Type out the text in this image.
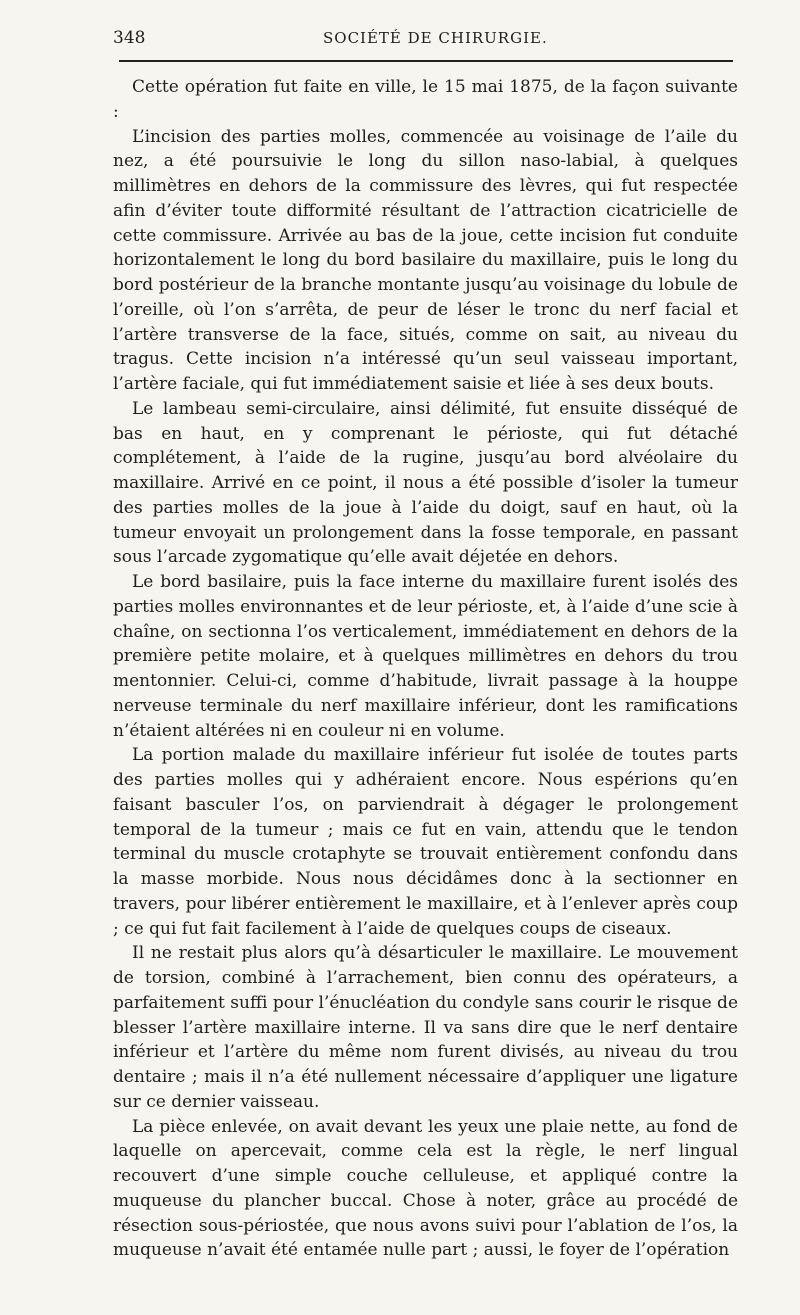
348	SOCIÉTÉ DE CHIRURGIE.

Cette opération fut faite en ville, le 15 mai 1875, de la façon suivante :

L’incision des parties molles, commencée au voisinage de l’aile du nez, a été poursuivie le long du sillon naso-labial, à quelques millimètres en dehors de la commissure des lèvres, qui fut respectée afin d’éviter toute difformité résultant de l’attraction cicatricielle de cette commissure. Arrivée au bas de la joue, cette incision fut conduite horizontalement le long du bord basilaire du maxillaire, puis le long du bord postérieur de la branche montante jusqu’au voisinage du lobule de l’oreille, où l’on s’arrêta, de peur de léser le tronc du nerf facial et l’artère transverse de la face, situés, comme on sait, au niveau du tragus. Cette incision n’a intéressé qu’un seul vaisseau important, l’artère faciale, qui fut immédiatement saisie et liée à ses deux bouts.

Le lambeau semi-circulaire, ainsi délimité, fut ensuite disséqué de bas en haut, en y comprenant le périoste, qui fut détaché complétement, à l’aide de la rugine, jusqu’au bord alvéolaire du maxillaire. Arrivé en ce point, il nous a été possible d’isoler la tumeur des parties molles de la joue à l’aide du doigt, sauf en haut, où la tumeur envoyait un prolongement dans la fosse temporale, en passant sous l’arcade zygomatique qu’elle avait déjetée en dehors.

Le bord basilaire, puis la face interne du maxillaire furent isolés des parties molles environnantes et de leur périoste, et, à l’aide d’une scie à chaîne, on sectionna l’os verticalement, immédiatement en dehors de la première petite molaire, et à quelques millimètres en dehors du trou mentonnier. Celui-ci, comme d’habitude, livrait passage à la houppe nerveuse terminale du nerf maxillaire inférieur, dont les ramifications n’étaient altérées ni en couleur ni en volume.

La portion malade du maxillaire inférieur fut isolée de toutes parts des parties molles qui y adhéraient encore. Nous espérions qu’en faisant basculer l’os, on parviendrait à dégager le prolongement temporal de la tumeur ; mais ce fut en vain, attendu que le tendon terminal du muscle crotaphyte se trouvait entièrement confondu dans la masse morbide. Nous nous décidâmes donc à la sectionner en travers, pour libérer entièrement le maxillaire, et à l’enlever après coup ; ce qui fut fait facilement à l’aide de quelques coups de ciseaux.

Il ne restait plus alors qu’à désarticuler le maxillaire. Le mouvement de torsion, combiné à l’arrachement, bien connu des opérateurs, a parfaitement suffi pour l’énucléation du condyle sans courir le risque de blesser l’artère maxillaire interne. Il va sans dire que le nerf dentaire inférieur et l’artère du même nom furent divisés, au niveau du trou dentaire ; mais il n’a été nullement nécessaire d’appliquer une ligature sur ce dernier vaisseau.

La pièce enlevée, on avait devant les yeux une plaie nette, au fond de laquelle on apercevait, comme cela est la règle, le nerf lingual recouvert d’une simple couche celluleuse, et appliqué contre la muqueuse du plancher buccal. Chose à noter, grâce au procédé de résection sous-périostée, que nous avons suivi pour l’ablation de l’os, la muqueuse n’avait été entamée nulle part ; aussi, le foyer de l’opération
